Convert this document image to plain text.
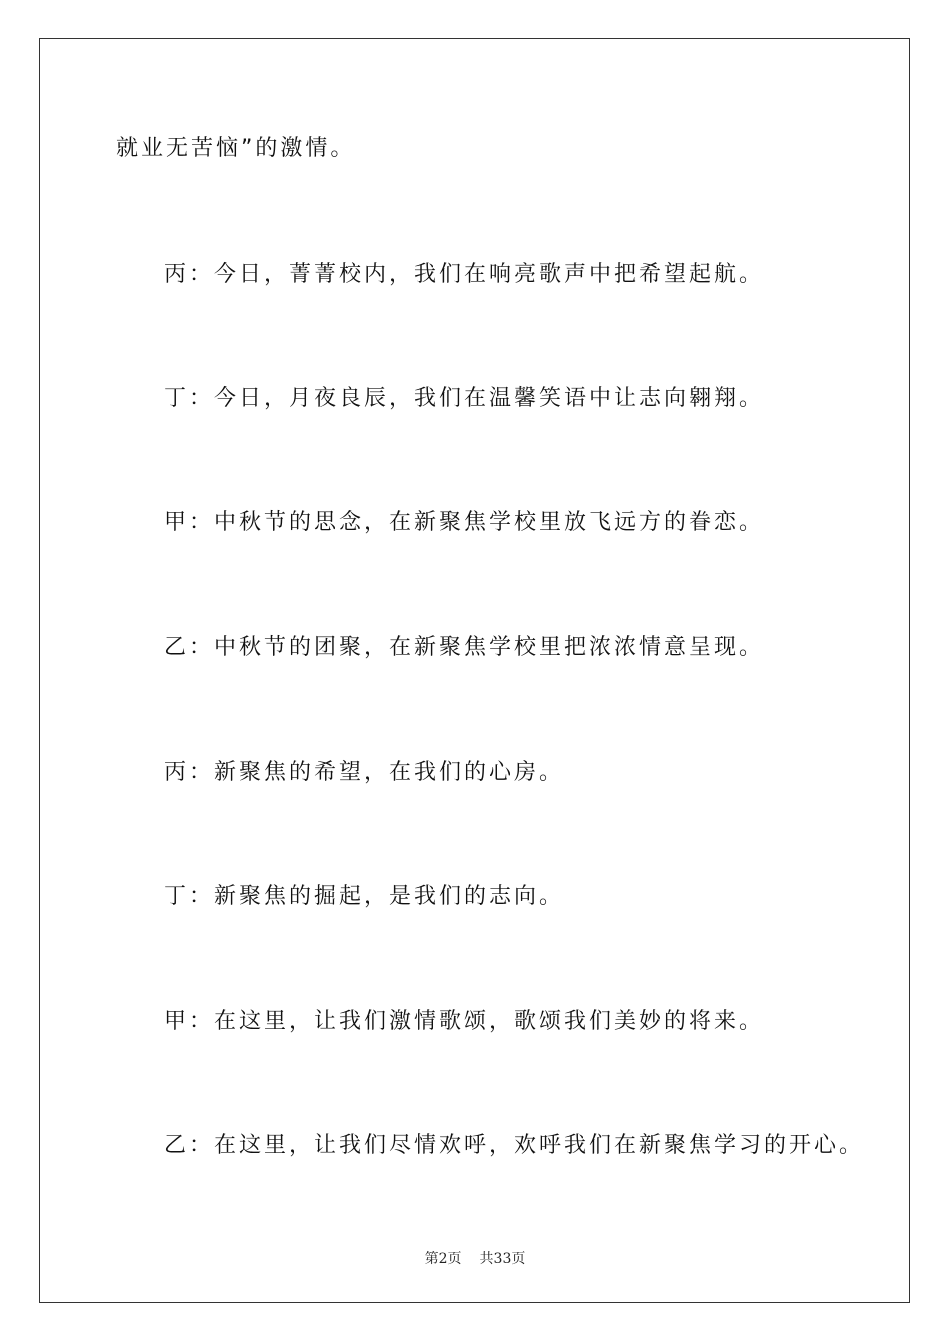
就业无苦恼”的激情。
丙：今日，菁菁校内，我们在响亮歌声中把希望起航。
丁：今日，月夜良辰，我们在温馨笑语中让志向翱翔。
甲：中秋节的思念，在新聚焦学校里放飞远方的眷恋。
乙：中秋节的团聚，在新聚焦学校里把浓浓情意呈现。
丙：新聚焦的希望，在我们的心房。
丁：新聚焦的掘起，是我们的志向。
甲：在这里，让我们激情歌颂，歌颂我们美妙的将来。
乙：在这里，让我们尽情欢呼，欢呼我们在新聚焦学习的开心。
第2页 共33页
